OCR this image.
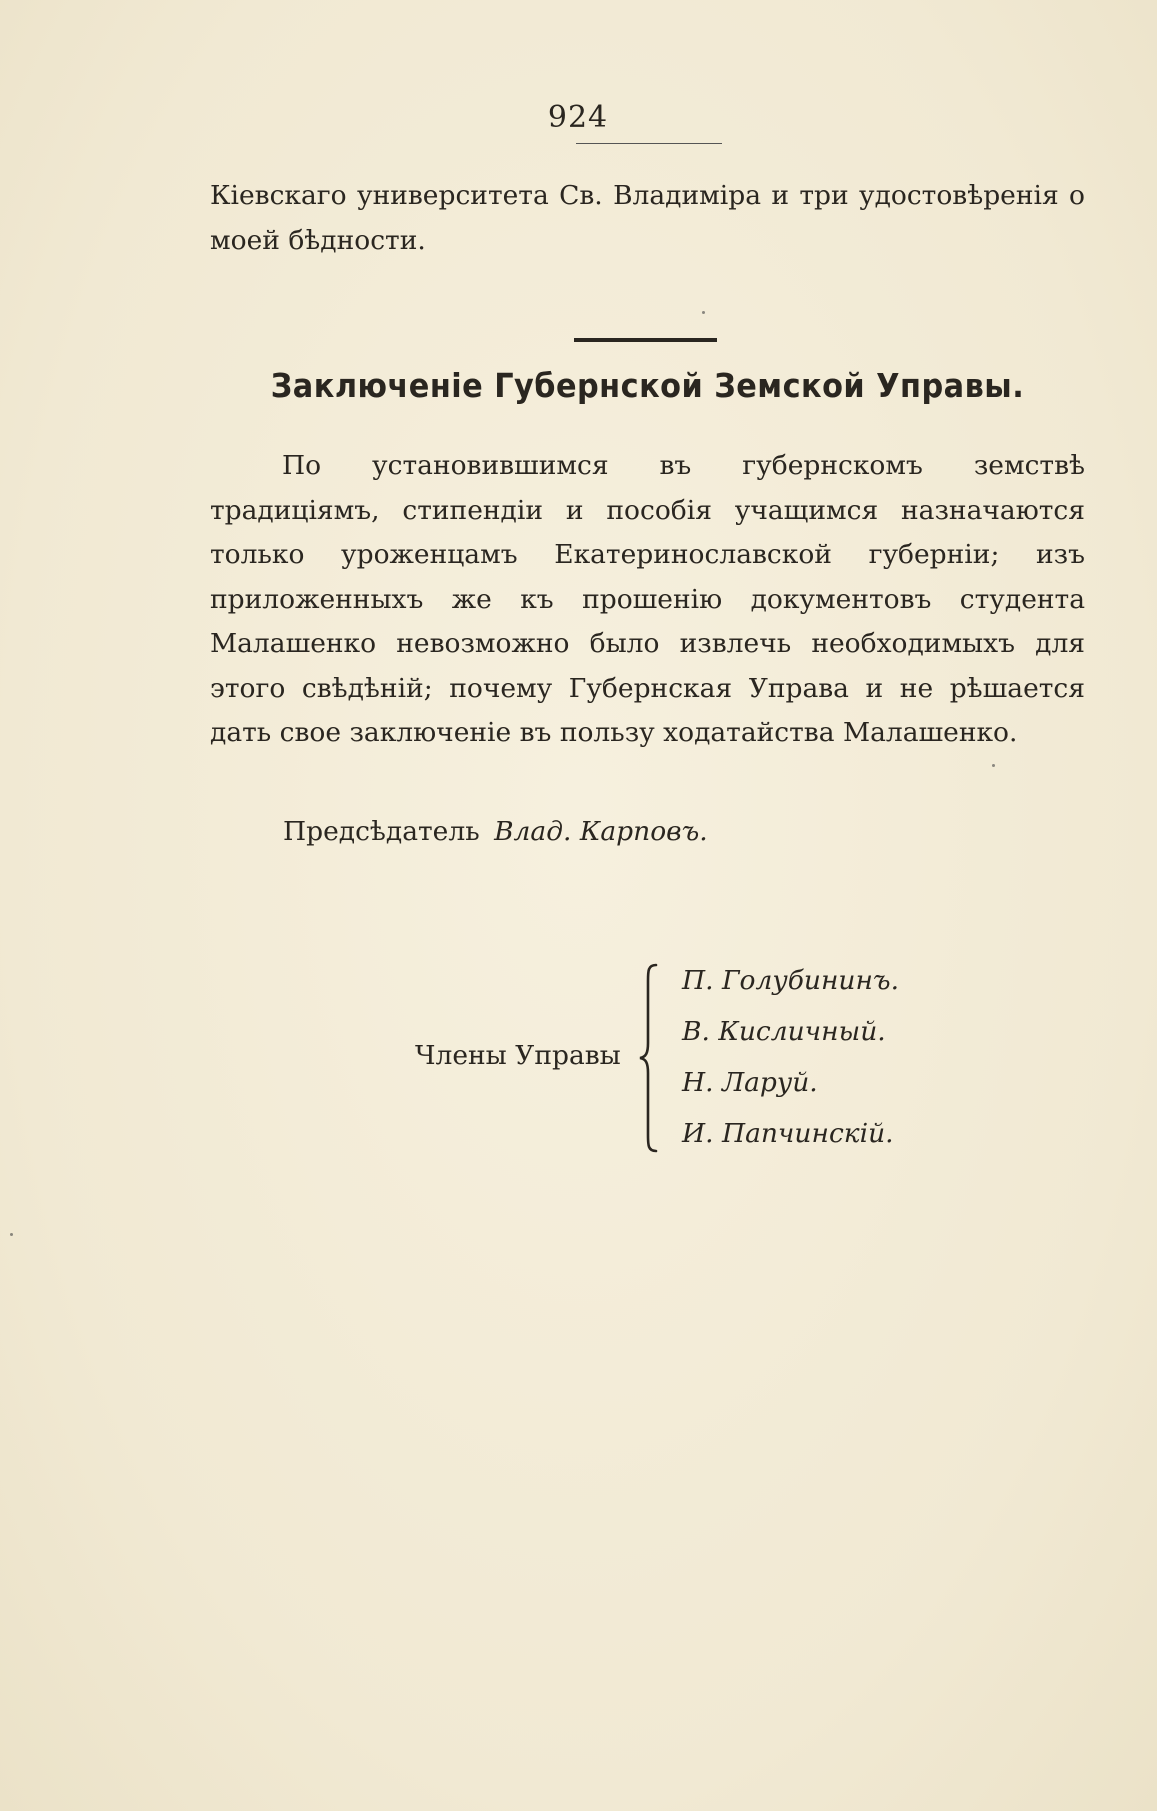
924

Кіевскаго университета Св. Владиміра и три удостовѣренія о моей бѣдности.

Заключеніе Губернской Земской Управы.

По установившимся въ губернскомъ земствѣ традиціямъ, стипендіи и пособія учащимся назначаются только уроженцамъ Екатеринославской губерніи; изъ приложенныхъ же къ прошенію документовъ студента Малашенко невозможно было извлечь необходимыхъ для этого свѣдѣній; почему Губернская Управа и не рѣшается дать свое заключеніе въ пользу ходатайства Малашенко.

Предсѣдатель Влад. Карповъ.
Члены Управы
П. Голубининъ.
В. Кисличный.
Н. Ларуй.
И. Папчинскій.
